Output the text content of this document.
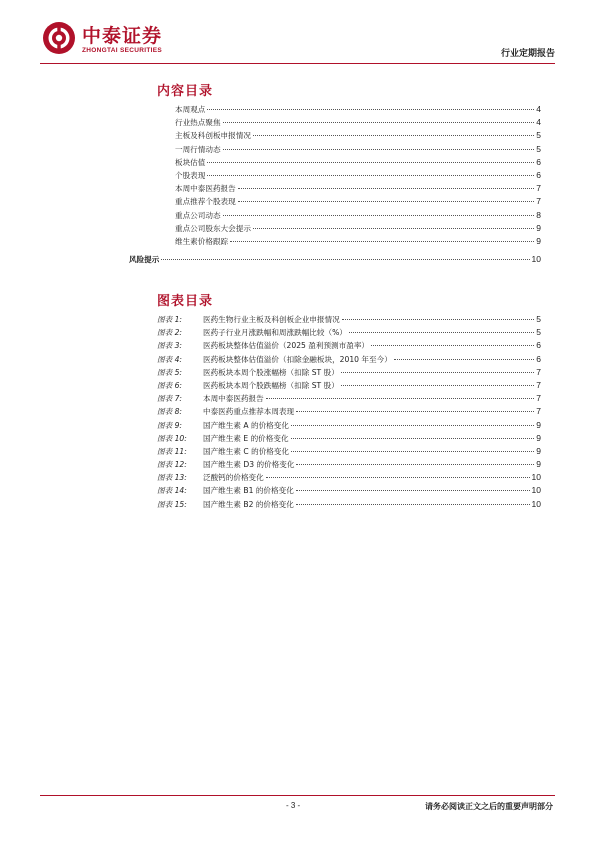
中泰证券
ZHONGTAI SECURITIES	行业定期报告
内容目录
本周观点	4
行业热点聚焦	4
主板及科创板申报情况	5
一周行情动态	5
板块估值	6
个股表现	6
本周中泰医药报告	7
重点推荐个股表现	7
重点公司动态	8
重点公司股东大会提示	9
维生素价格跟踪	9
风险提示	10
图表目录
图表 1:	医药生物行业主板及科创板企业申报情况	5
图表 2:	医药子行业月涨跌幅和周涨跌幅比较（%）	5
图表 3:	医药板块整体估值溢价（2025 盈利预测市盈率）	6
图表 4:	医药板块整体估值溢价（扣除金融板块，2010 年至今）	6
图表 5:	医药板块本周个股涨幅榜（扣除 ST 股）	7
图表 6:	医药板块本周个股跌幅榜（扣除 ST 股）	7
图表 7:	本周中泰医药报告	7
图表 8:	中泰医药重点推荐本周表现	7
图表 9:	国产维生素 A 的价格变化	9
图表 10: 国产维生素 E 的价格变化	9
图表 11: 国产维生素 C 的价格变化	9
图表 12: 国产维生素 D3 的价格变化	9
图表 13: 泛酸钙的价格变化	10
图表 14: 国产维生素 B1 的价格变化	10
图表 15: 国产维生素 B2 的价格变化	10
- 3 -	请务必阅读正文之后的重要声明部分
